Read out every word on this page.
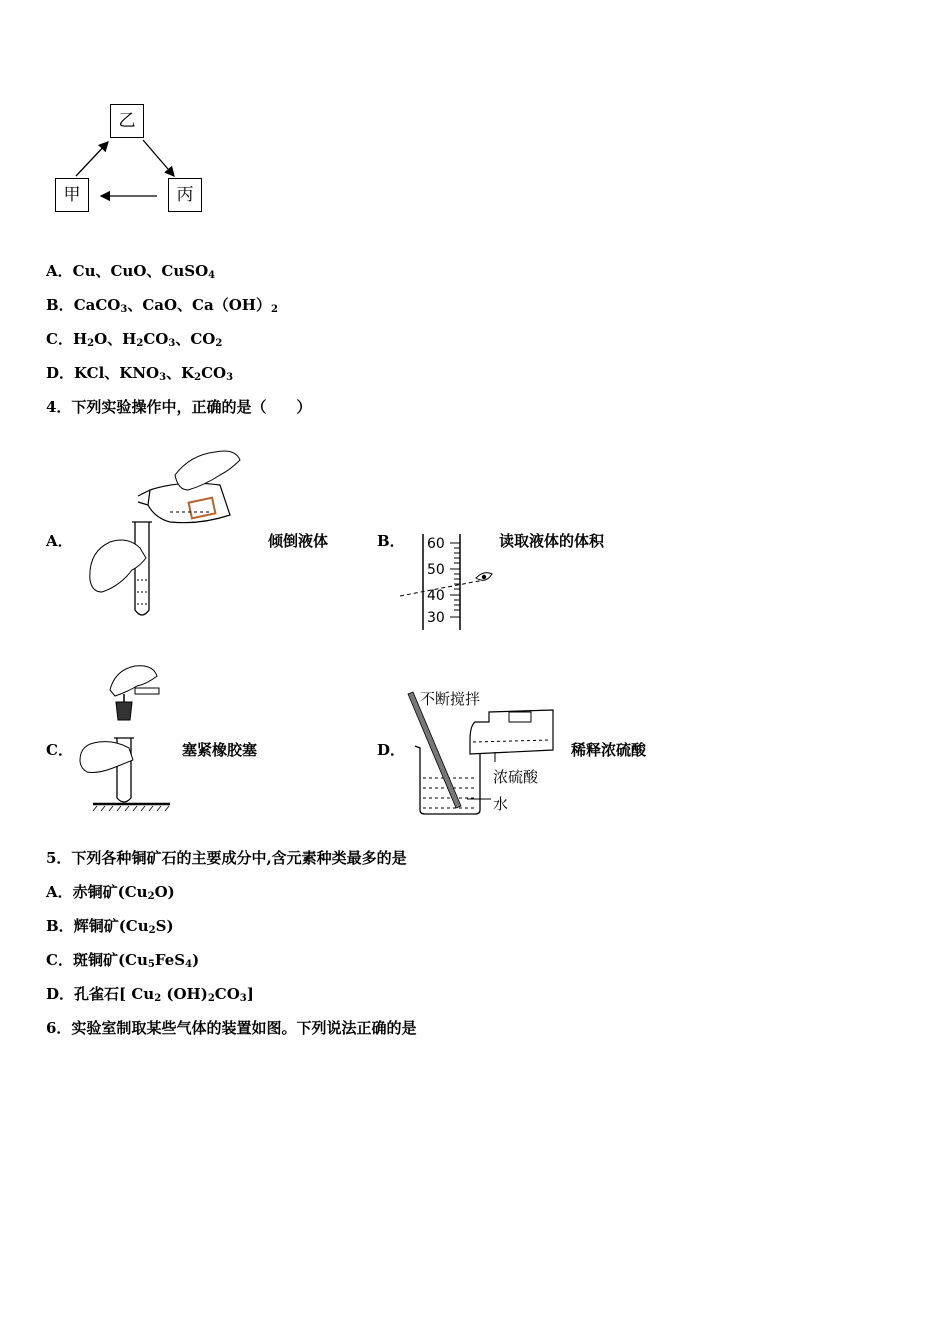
乙
甲	丙
A．Cu、CuO、CuSO$_4$
B．CaCO$_3$、CaO、$Ca(OH)_2$
C．$H_2O$、$H_2CO_3$、$CO_2$
D．KCl、$KNO_3$、$K_2CO_3$
4．下列实验操作中，正确的是（　　）
A．	倾倒液体	B． 60
50
40
30
读取液体的体积
C．	塞紧橡胶塞	D．
不断搅拌
浓硫酸
水
稀释浓硫酸
5．下列各种铜矿石的主要成分中,含元素种类最多的是
A．赤铜矿$(Cu_2O)$
B．辉铜矿$(Cu_2S)$
C．斑铜矿$(Cu_5FeS_4)$
D．孔雀石[ $Cu_2$ $(OH)_2CO_3$]
6．实验室制取某些气体的装置如图。下列说法正确的是
